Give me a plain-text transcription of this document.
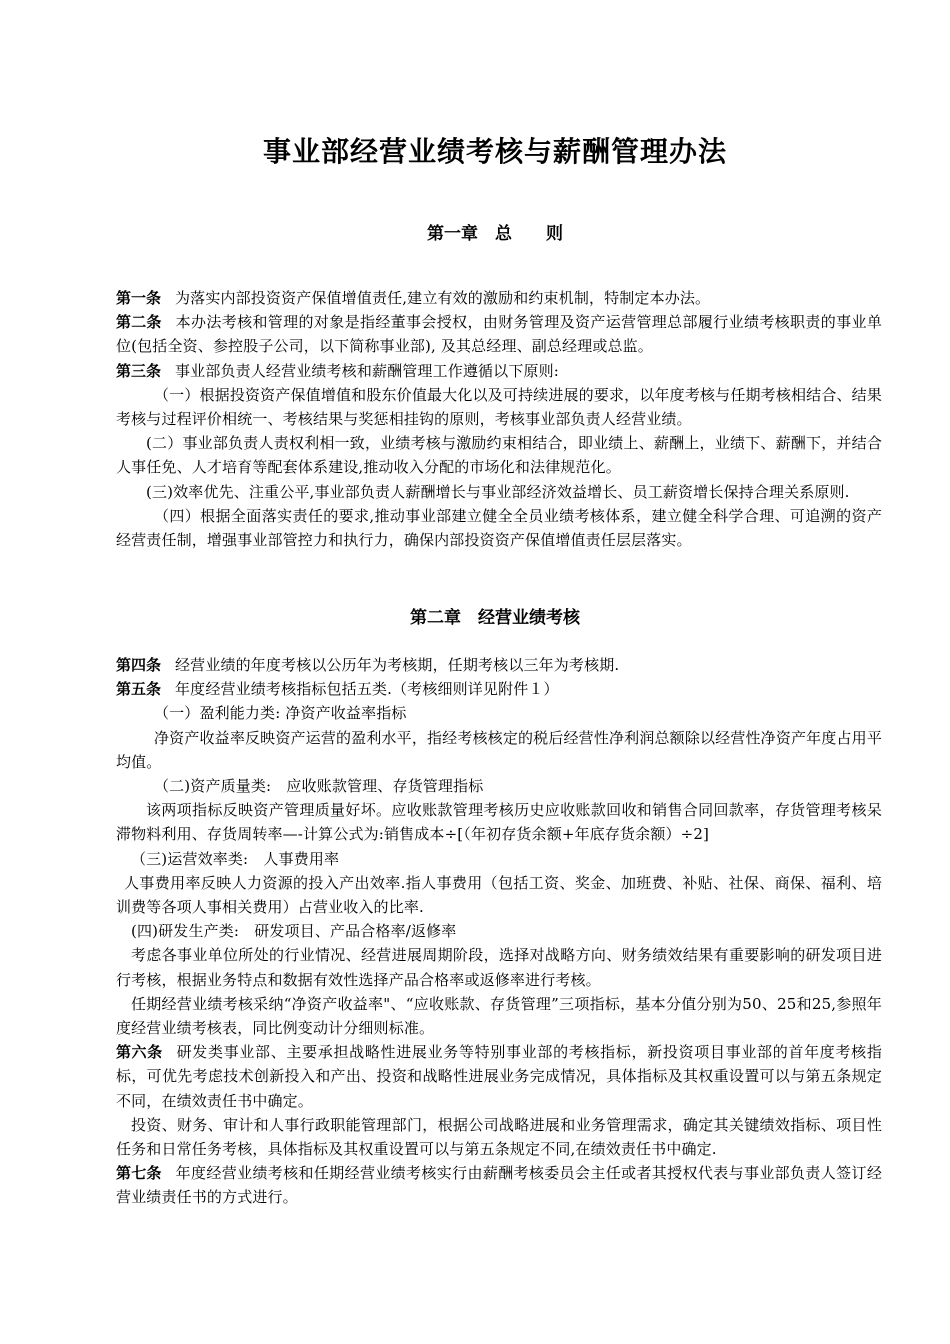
事业部经营业绩考核与薪酬管理办法
第一章　总　　则

第一条 为落实内部投资资产保值增值责任,建立有效的激励和约束机制，特制定本办法。

第二条 本办法考核和管理的对象是指经董事会授权，由财务管理及资产运营管理总部履行业绩考核职责的事业单位(包括全资、参控股子公司，以下简称事业部), 及其总经理、副总经理或总监。

第三条 事业部负责人经营业绩考核和薪酬管理工作遵循以下原则:

（一）根据投资资产保值增值和股东价值最大化以及可持续进展的要求，以年度考核与任期考核相结合、结果考核与过程评价相统一、考核结果与奖惩相挂钩的原则，考核事业部负责人经营业绩。

(二）事业部负责人责权利相一致，业绩考核与激励约束相结合，即业绩上、薪酬上，业绩下、薪酬下，并结合人事任免、人才培育等配套体系建设,推动收入分配的市场化和法律规范化。

(三)效率优先、注重公平,事业部负责人薪酬增长与事业部经济效益增长、员工薪资增长保持合理关系原则.

（四）根据全面落实责任的要求,推动事业部建立健全全员业绩考核体系，建立健全科学合理、可追溯的资产经营责任制，增强事业部管控力和执行力，确保内部投资资产保值增值责任层层落实。

第二章　经营业绩考核

第四条 经营业绩的年度考核以公历年为考核期，任期考核以三年为考核期.

第五条 年度经营业绩考核指标包括五类.（考核细则详见附件１）

（一）盈利能力类: 净资产收益率指标

净资产收益率反映资产运营的盈利水平，指经考核核定的税后经营性净利润总额除以经营性净资产年度占用平均值。

（二)资产质量类:　应收账款管理、存货管理指标

该两项指标反映资产管理质量好坏。应收账款管理考核历史应收账款回收和销售合同回款率，存货管理考核呆滞物料利用、存货周转率—-计算公式为:销售成本÷[（年初存货余额+年底存货余额）÷2]

（三)运营效率类:　人事费用率

人事费用率反映人力资源的投入产出效率.指人事费用（包括工资、奖金、加班费、补贴、社保、商保、福利、培训费等各项人事相关费用）占营业收入的比率.

(四)研发生产类:　研发项目、产品合格率/返修率

考虑各事业单位所处的行业情况、经营进展周期阶段，选择对战略方向、财务绩效结果有重要影响的研发项目进行考核，根据业务特点和数据有效性选择产品合格率或返修率进行考核。

任期经营业绩考核采纳“净资产收益率"、“应收账款、存货管理”三项指标，基本分值分别为50、25和25,参照年度经营业绩考核表，同比例变动计分细则标准。

第六条 研发类事业部、主要承担战略性进展业务等特别事业部的考核指标，新投资项目事业部的首年度考核指标，可优先考虑技术创新投入和产出、投资和战略性进展业务完成情况，具体指标及其权重设置可以与第五条规定不同，在绩效责任书中确定。

投资、财务、审计和人事行政职能管理部门，根据公司战略进展和业务管理需求，确定其关键绩效指标、项目性任务和日常任务考核，具体指标及其权重设置可以与第五条规定不同,在绩效责任书中确定.

第七条 年度经营业绩考核和任期经营业绩考核实行由薪酬考核委员会主任或者其授权代表与事业部负责人签订经营业绩责任书的方式进行。
